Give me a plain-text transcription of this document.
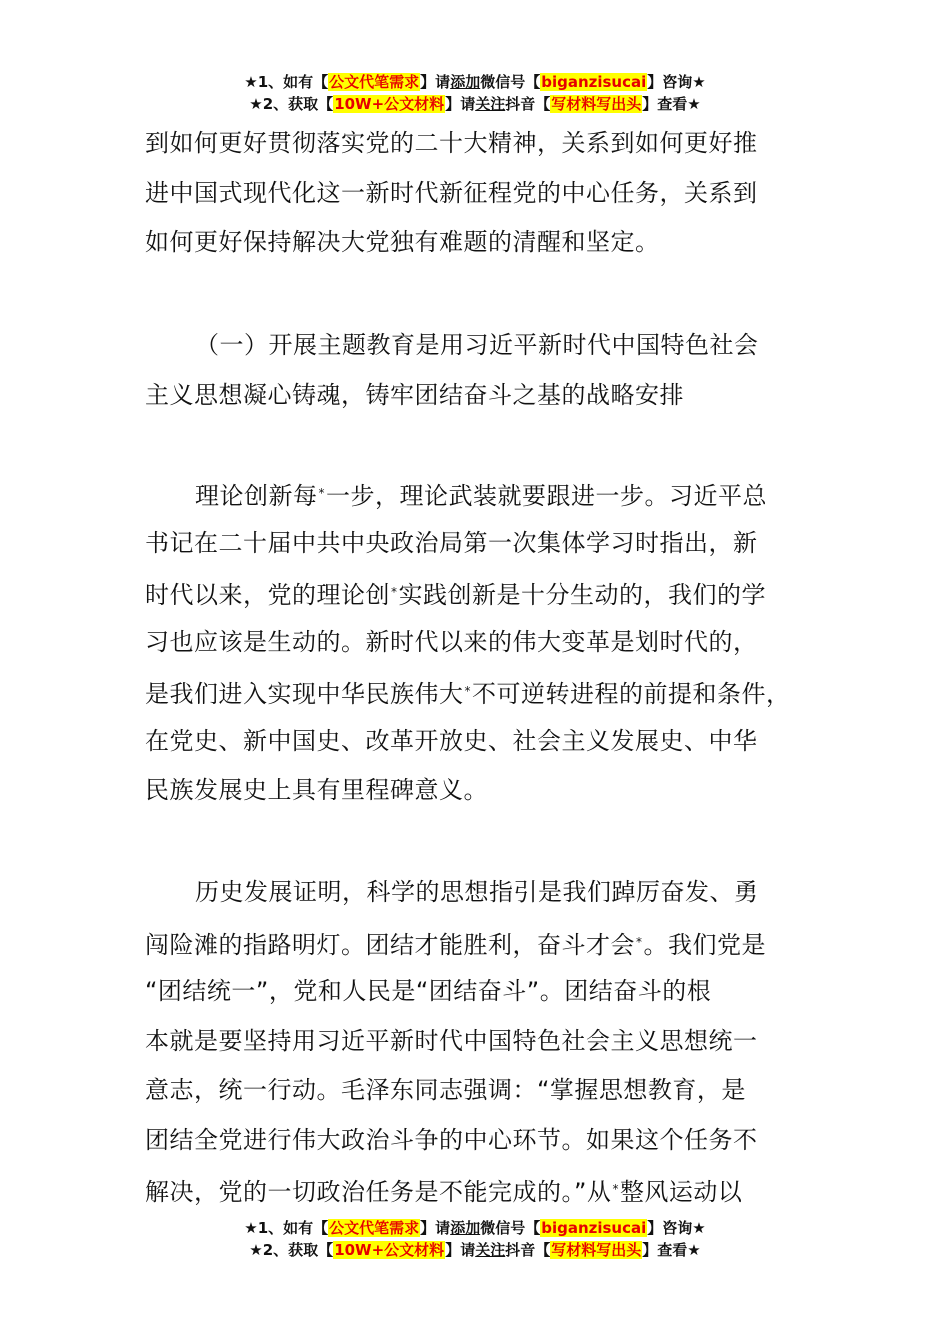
★1、如有【公文代笔需求】请添加微信号【biganzisucai】咨询★
★2、获取【10W+公文材料】请关注抖音【写材料写出头】查看★
到如何更好贯彻落实党的二十大精神，关系到如何更好推
进中国式现代化这一新时代新征程党的中心任务，关系到
如何更好保持解决大党独有难题的清醒和坚定。
（一）开展主题教育是用习近平新时代中国特色社会
主义思想凝心铸魂，铸牢团结奋斗之基的战略安排
理论创新每*一步，理论武装就要跟进一步。习近平总
书记在二十届中共中央政治局第一次集体学习时指出，新
时代以来，党的理论创*实践创新是十分生动的，我们的学
习也应该是生动的。新时代以来的伟大变革是划时代的，
是我们进入实现中华民族伟大*不可逆转进程的前提和条件，
在党史、新中国史、改革开放史、社会主义发展史、中华
民族发展史上具有里程碑意义。
历史发展证明，科学的思想指引是我们踔厉奋发、勇
闯险滩的指路明灯。团结才能胜利，奋斗才会*。我们党是
“团结统一”，党和人民是“团结奋斗”。团结奋斗的根
本就是要坚持用习近平新时代中国特色社会主义思想统一
意志，统一行动。毛泽东同志强调：“掌握思想教育，是
团结全党进行伟大政治斗争的中心环节。如果这个任务不
解决，党的一切政治任务是不能完成的。”从*整风运动以
★1、如有【公文代笔需求】请添加微信号【biganzisucai】咨询★
★2、获取【10W+公文材料】请关注抖音【写材料写出头】查看★
